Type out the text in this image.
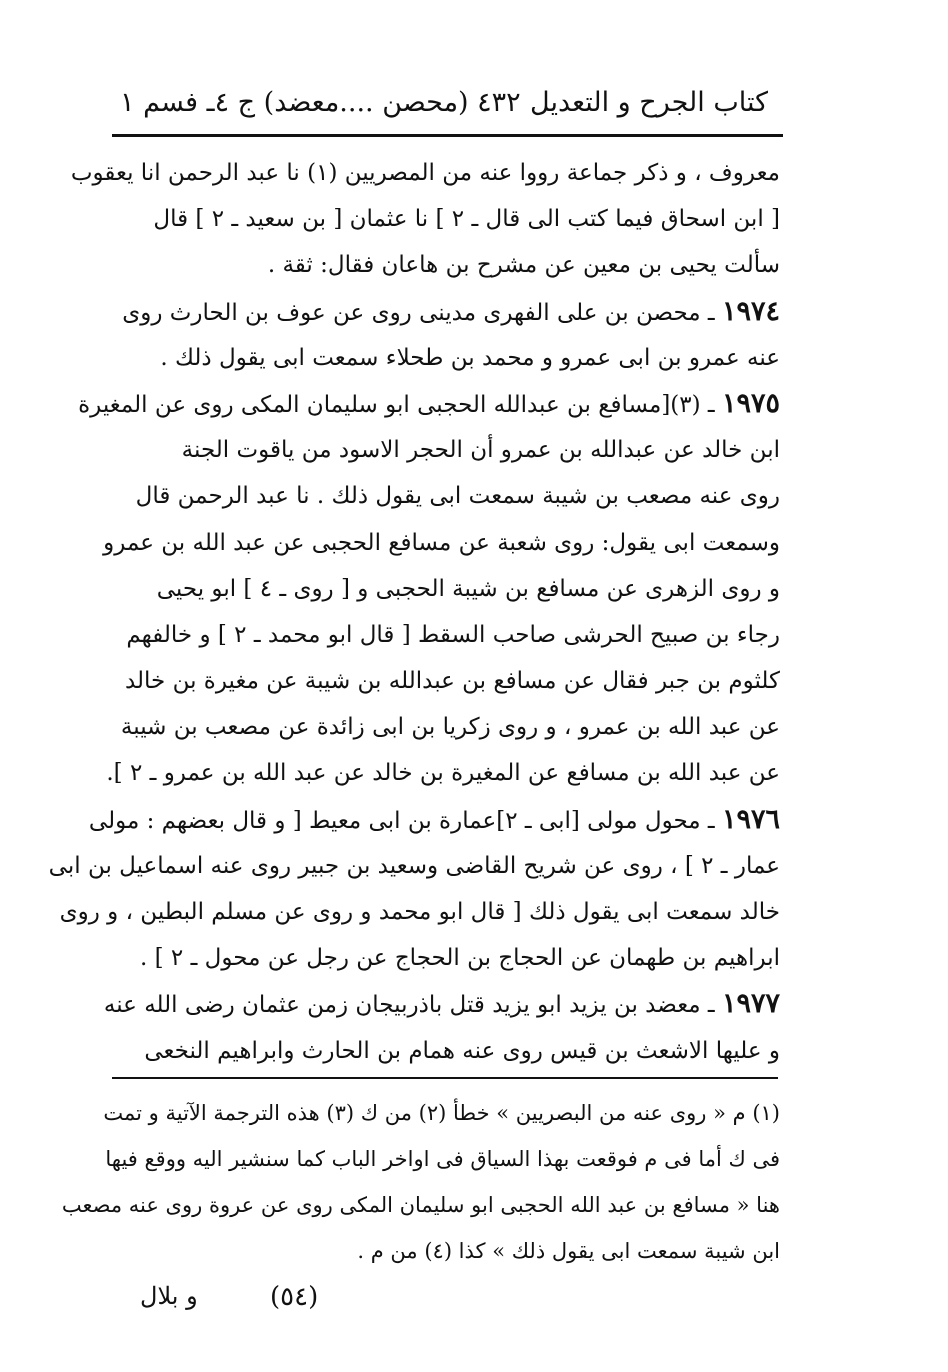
كتاب الجرح و التعديل
٤٣٢ (محصن ....معضد) ج ٤ـ فسم ١
معروف ، و ذكر جماعة رووا عنه من المصريين (١) نا عبد الرحمن انا يعقوب
[ ابن اسحاق فيما كتب الى قال ـ ٢ ] نا عثمان [ بن سعيد ـ ٢ ] قال
سألت يحيى بن معين عن مشرح بن هاعان فقال: ثقة .
١٩٧٤ ـ محصن بن على الفهرى مدينى روى عن عوف بن الحارث روى
عنه عمرو بن ابى عمرو و محمد بن طحلاء سمعت ابى يقول ذلك .
١٩٧٥ ـ (٣)[مسافع بن عبدالله الحجبى ابو سليمان المكى روى عن المغيرة
ابن خالد عن عبدالله بن عمرو أن الحجر الاسود من ياقوت الجنة
روى عنه مصعب بن شيبة سمعت ابى يقول ذلك . نا عبد الرحمن قال
وسمعت ابى يقول: روى شعبة عن مسافع الحجبى عن عبد الله بن عمرو
و روى الزهرى عن مسافع بن شيبة الحجبى و [ روى ـ ٤ ] ابو يحيى
رجاء بن صبيح الحرشى صاحب السقط [ قال ابو محمد ـ ٢ ] و خالفهم
كلثوم بن جبر فقال عن مسافع بن عبدالله بن شيبة عن مغيرة بن خالد
عن عبد الله بن عمرو ، و روى زكريا بن ابى زائدة عن مصعب بن شيبة
عن عبد الله بن مسافع عن المغيرة بن خالد عن عبد الله بن عمرو ـ ٢ ].
١٩٧٦ ـ محول مولى [ابى ـ ٢]عمارة بن ابى معيط [ و قال بعضهم : مولى
عمار ـ ٢ ] ، روى عن شريح القاضى وسعيد بن جبير روى عنه اسماعيل بن ابى
خالد سمعت ابى يقول ذلك [ قال ابو محمد و روى عن مسلم البطين ، و روى
ابراهيم بن طهمان عن الحجاج بن الحجاج عن رجل عن محول ـ ٢ ] .
١٩٧٧ ـ معضد بن يزيد ابو يزيد قتل باذربيجان زمن عثمان رضى الله عنه
و عليها الاشعث بن قيس روى عنه همام بن الحارث وابراهيم النخعى
(١) م « روى عنه من البصريين » خطأ (٢) من ك (٣) هذه الترجمة الآتية و تمت
فى ك أما فى م فوقعت بهذا السياق فى اواخر الباب كما سنشير اليه ووقع فيها
هنا « مسافع بن عبد الله الحجبى ابو سليمان المكى روى عن عروة روى عنه مصعب
ابن شيبة سمعت ابى يقول ذلك » كذا (٤) من م .
(٥٤)
و بلال
